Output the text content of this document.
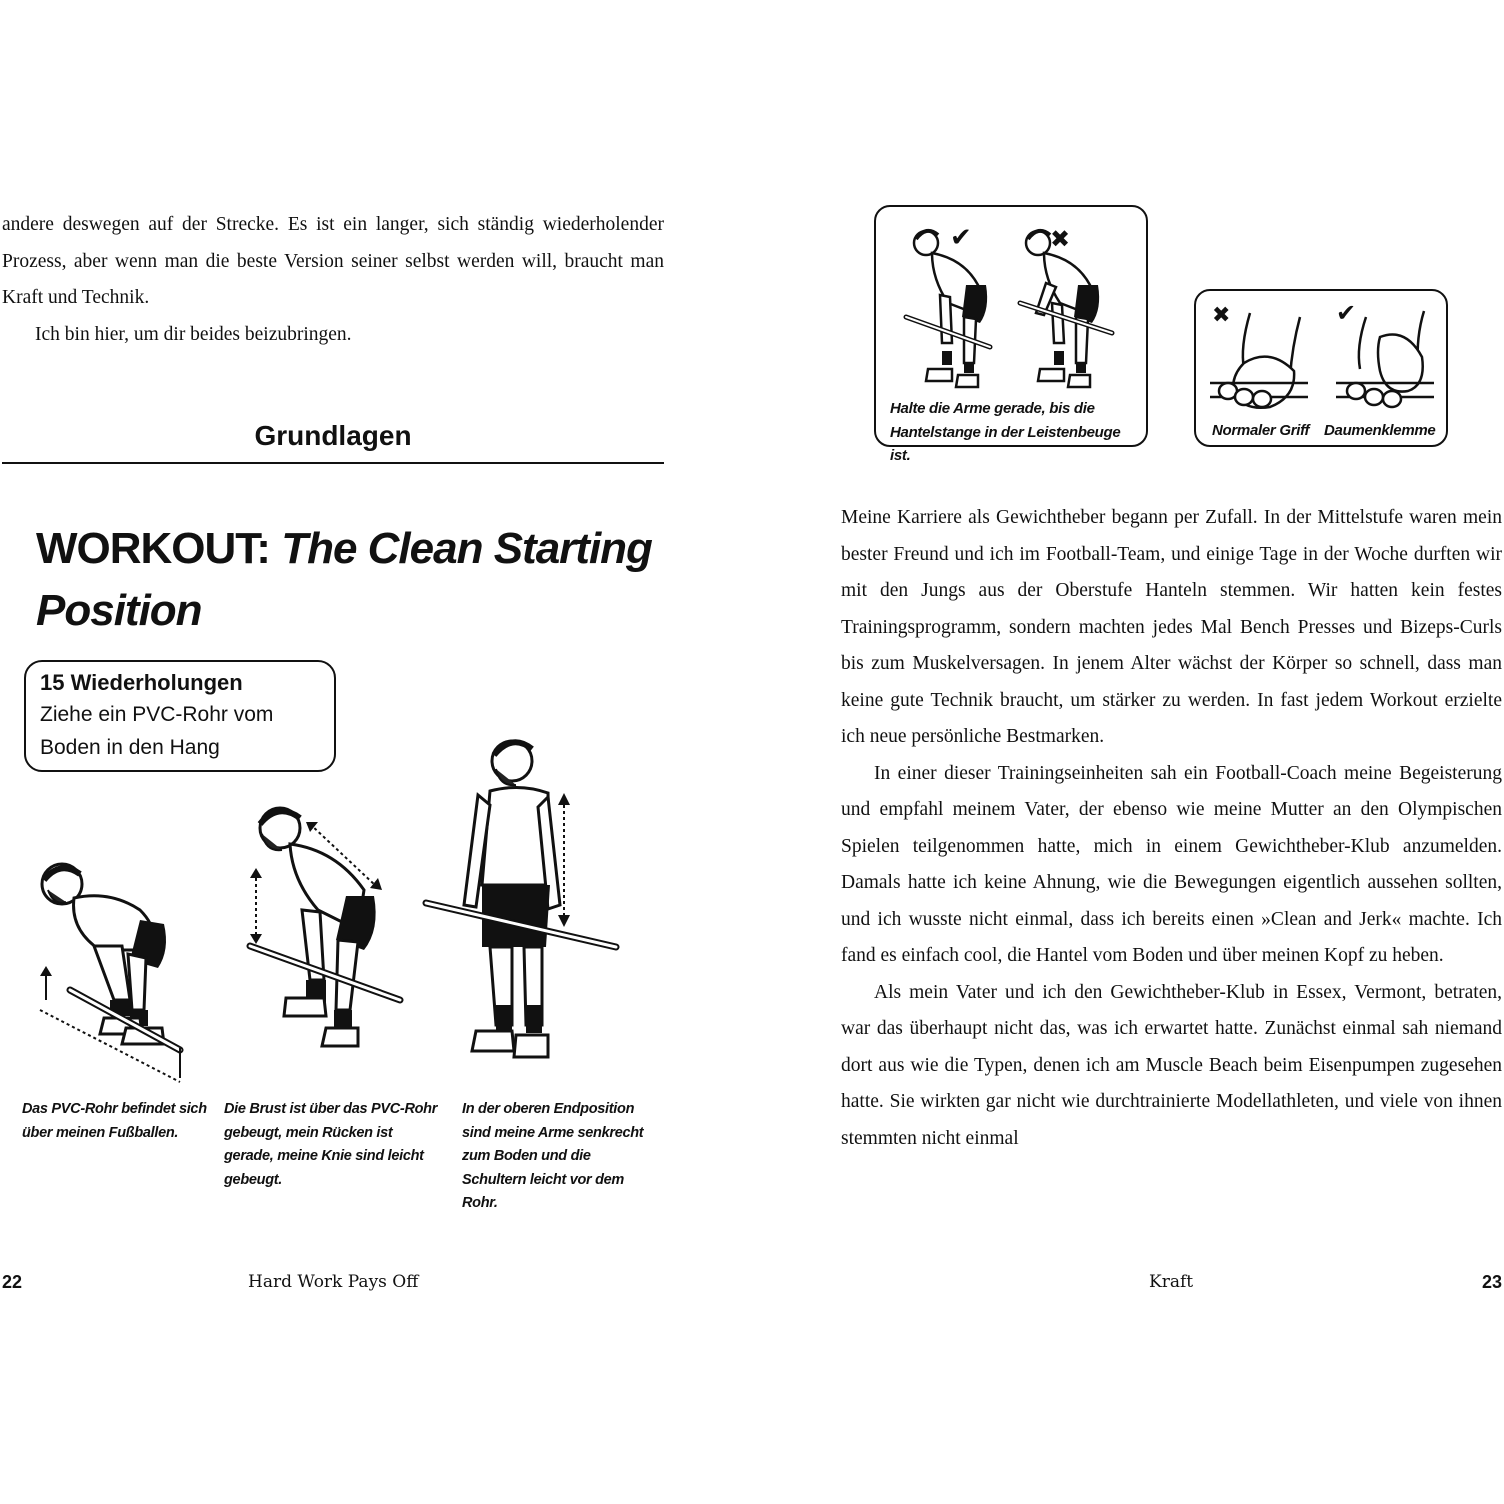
andere deswegen auf der Strecke. Es ist ein langer, sich ständig wiederholender Prozess, aber wenn man die beste Version seiner selbst werden will, braucht man Kraft und Technik.

Ich bin hier, um dir beides beizubringen.

Grundlagen
WORKOUT: The Clean Starting
Position
15 Wiederholungen
Ziehe ein PVC-Rohr vom Boden in den Hang
Das PVC-Rohr befindet sich über meinen Fußballen.
Die Brust ist über das PVC-Rohr gebeugt, mein Rücken ist gerade, meine Knie sind leicht gebeugt.
In der oberen Endposition sind meine Arme senkrecht zum Boden und die Schultern leicht vor dem Rohr.
22	Hard Work Pays Off
✔	✖
Halte die Arme gerade, bis die Hantelstange in der Leistenbeuge ist.
✖	✔
Normaler Griff Daumenklemme

Meine Karriere als Gewichtheber begann per Zufall. In der Mittelstufe waren mein bester Freund und ich im Football-Team, und einige Tage in der Woche durften wir mit den Jungs aus der Oberstufe Hanteln stemmen. Wir hatten kein festes Trainingsprogramm, sondern machten jedes Mal Bench Presses und Bizeps-Curls bis zum Muskelversagen. In jenem Alter wächst der Körper so schnell, dass man keine gute Technik braucht, um stärker zu werden. In fast jedem Workout erzielte ich neue persönliche Bestmarken.

In einer dieser Trainingseinheiten sah ein Football-Coach meine Begeisterung und empfahl meinem Vater, der ebenso wie meine Mutter an den Olympischen Spielen teilgenommen hatte, mich in einem Gewichtheber-Klub anzumelden. Damals hatte ich keine Ahnung, wie die Bewegungen eigentlich aussehen sollten, und ich wusste nicht einmal, dass ich bereits einen »Clean and Jerk« machte. Ich fand es einfach cool, die Hantel vom Boden und über meinen Kopf zu heben.

Als mein Vater und ich den Gewichtheber-Klub in Essex, Vermont, betraten, war das überhaupt nicht das, was ich erwartet hatte. Zunächst einmal sah niemand dort aus wie die Typen, denen ich am Muscle Beach beim Eisenpumpen zugesehen hatte. Sie wirkten gar nicht wie durchtrainierte Modellathleten, und viele von ihnen stemmten nicht einmal

Kraft	23
